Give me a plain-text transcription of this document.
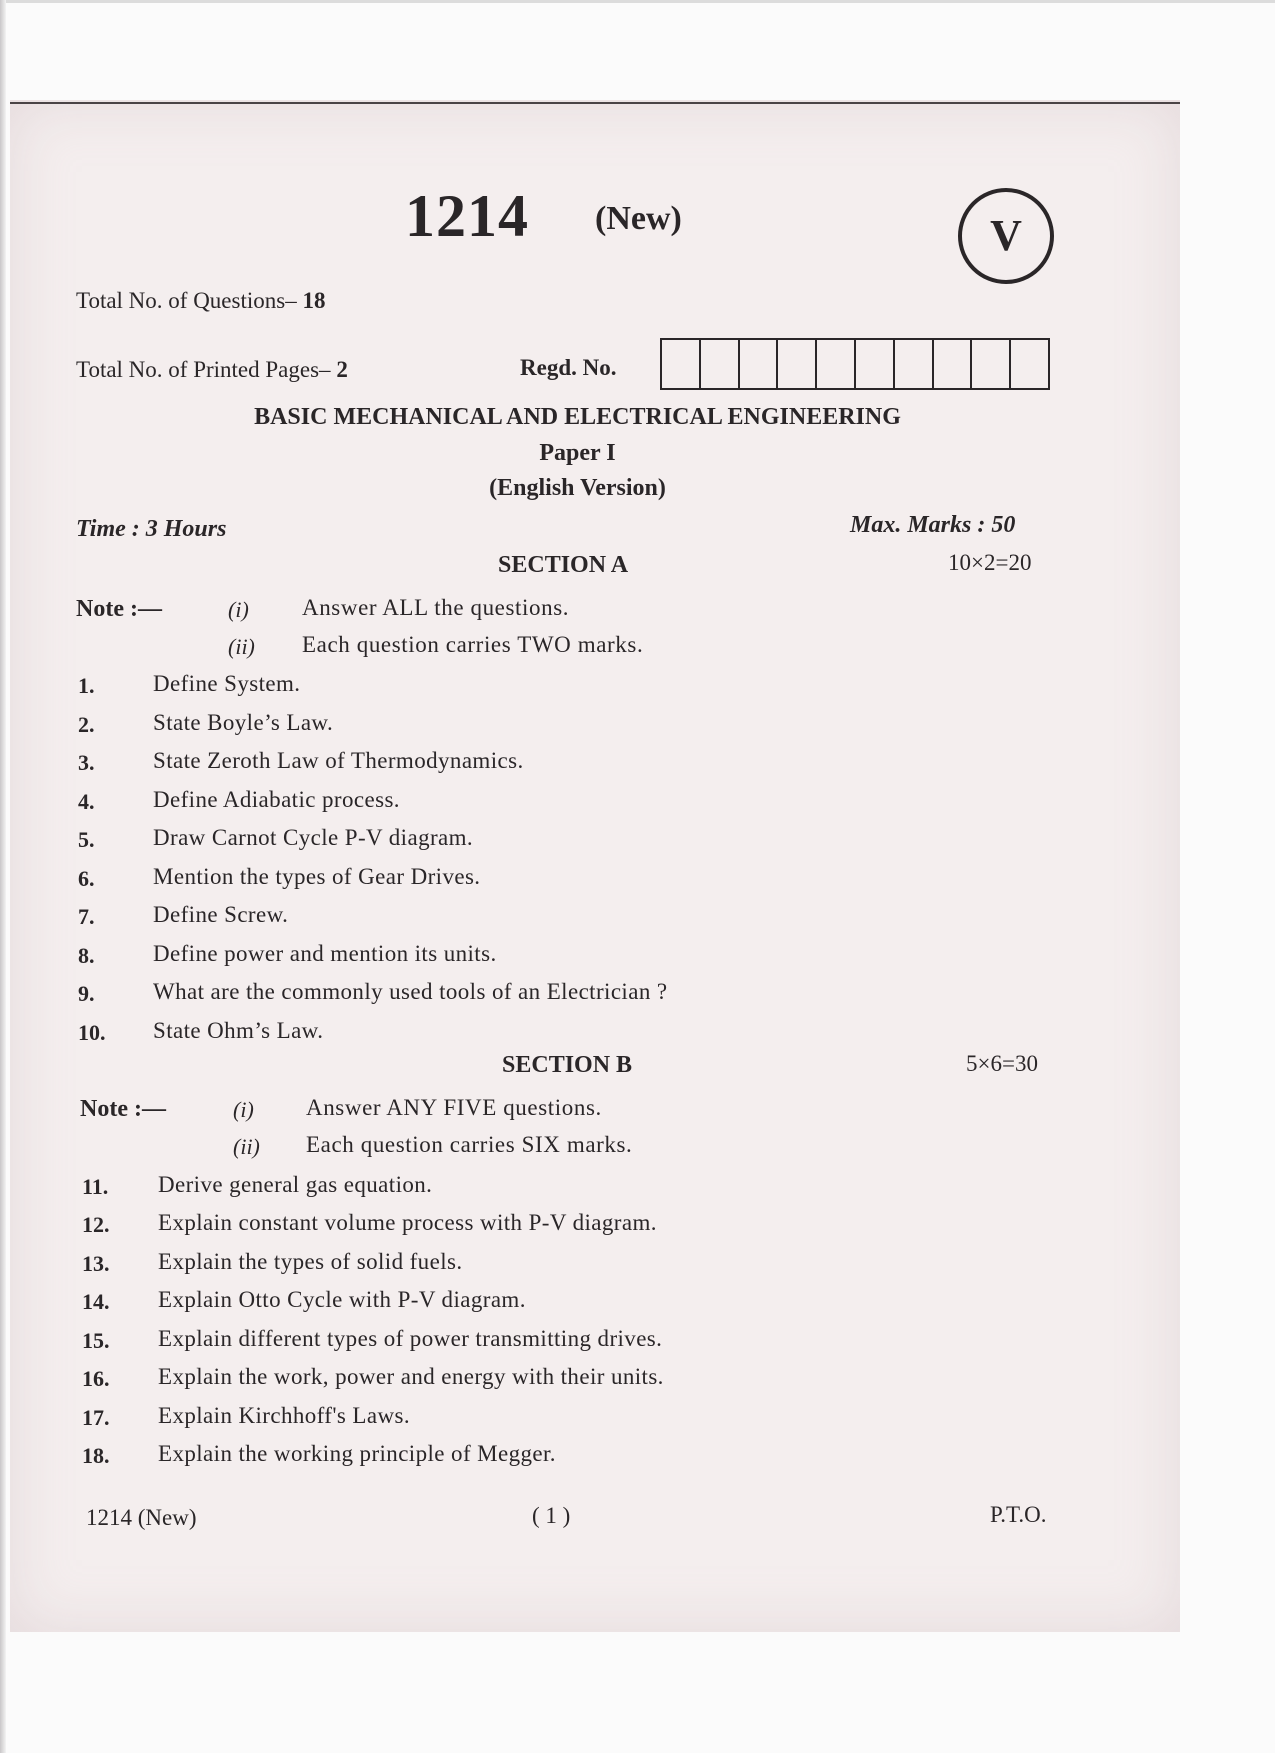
1214 (New)	V
Total No. of Questions– 18
Total No. of Printed Pages– 2	Regd. No.
BASIC MECHANICAL AND ELECTRICAL ENGINEERING
Paper I
(English Version)
Time : 3 Hours	Max. Marks : 50
SECTION A	10×2=20
Note :—	(i) Answer ALL the questions.
(ii) Each question carries TWO marks.
1.	Define System.
2.	State Boyle’s Law.
3.	State Zeroth Law of Thermodynamics.
4.	Define Adiabatic process.
5.	Draw Carnot Cycle P-V diagram.
6.	Mention the types of Gear Drives.
7.	Define Screw.
8.	Define power and mention its units.
9.	What are the commonly used tools of an Electrician ?
10. State Ohm’s Law.
SECTION B	5×6=30
Note :—	(i) Answer ANY FIVE questions.
(ii) Each question carries SIX marks.
11. Derive general gas equation.
12. Explain constant volume process with P-V diagram.
13. Explain the types of solid fuels.
14. Explain Otto Cycle with P-V diagram.
15. Explain different types of power transmitting drives.
16. Explain the work, power and energy with their units.
17. Explain Kirchhoff's Laws.
18. Explain the working principle of Megger.
1214 (New)	( 1 )	P.T.O.
